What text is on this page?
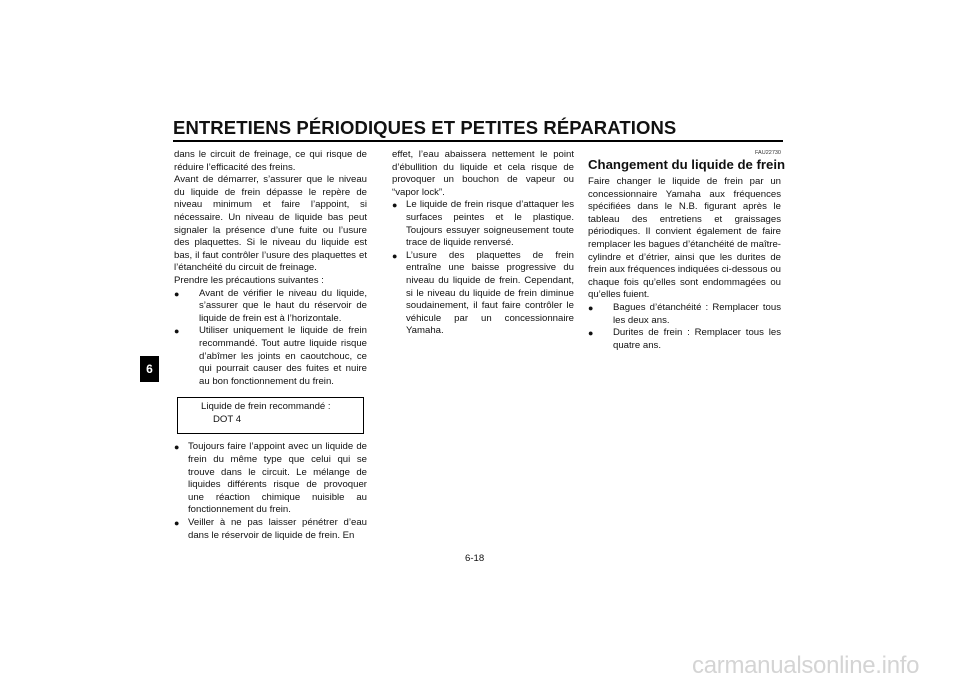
ENTRETIENS PÉRIODIQUES ET PETITES RÉPARATIONS
6

dans le circuit de freinage, ce qui risque de réduire l’efficacité des freins.

Avant de démarrer, s’assurer que le niveau du liquide de frein dépasse le repère de niveau minimum et faire l’appoint, si nécessaire. Un niveau de liquide bas peut signaler la présence d’une fuite ou l’usure des plaquettes. Si le niveau du liquide est bas, il faut contrôler l’usure des plaquettes et l’étanchéité du circuit de freinage.

Prendre les précautions suivantes :

● Avant de vérifier le niveau du liquide, s’assurer que le haut du réservoir de liquide de frein est à l’horizontale.
● Utiliser uniquement le liquide de frein recommandé. Tout autre liquide risque d’abîmer les joints en caoutchouc, ce qui pourrait causer des fuites et nuire au bon fonctionnement du frein.
Liquide de frein recommandé :
DOT 4
● Toujours faire l’appoint avec un liquide de frein du même type que celui qui se trouve dans le circuit. Le mélange de liquides différents risque de provoquer une réaction chimique nuisible au fonctionnement du frein.
● Veiller à ne pas laisser pénétrer d’eau dans le réservoir de liquide de frein. En

effet, l’eau abaissera nettement le point d’ébullition du liquide et cela risque de provoquer un bouchon de vapeur ou “vapor lock”.

● Le liquide de frein risque d’attaquer les surfaces peintes et le plastique. Toujours essuyer soigneusement toute trace de liquide renversé.
● L’usure des plaquettes de frein entraîne une baisse progressive du niveau du liquide de frein. Cependant, si le niveau du liquide de frein diminue soudainement, il faut faire contrôler le véhicule par un concessionnaire Yamaha.
FAU22730
Changement du liquide de frein

Faire changer le liquide de frein par un concessionnaire Yamaha aux fréquences spécifiées dans le N.B. figurant après le tableau des entretiens et graissages périodiques. Il convient également de faire remplacer les bagues d’étanchéité de maître-cylindre et d’étrier, ainsi que les durites de frein aux fréquences indiquées ci-dessous ou chaque fois qu’elles sont endommagées ou qu’elles fuient.

● Bagues d’étanchéité : Remplacer tous les deux ans.
● Durites de frein : Remplacer tous les quatre ans.
6-18
carmanualsonline.info
